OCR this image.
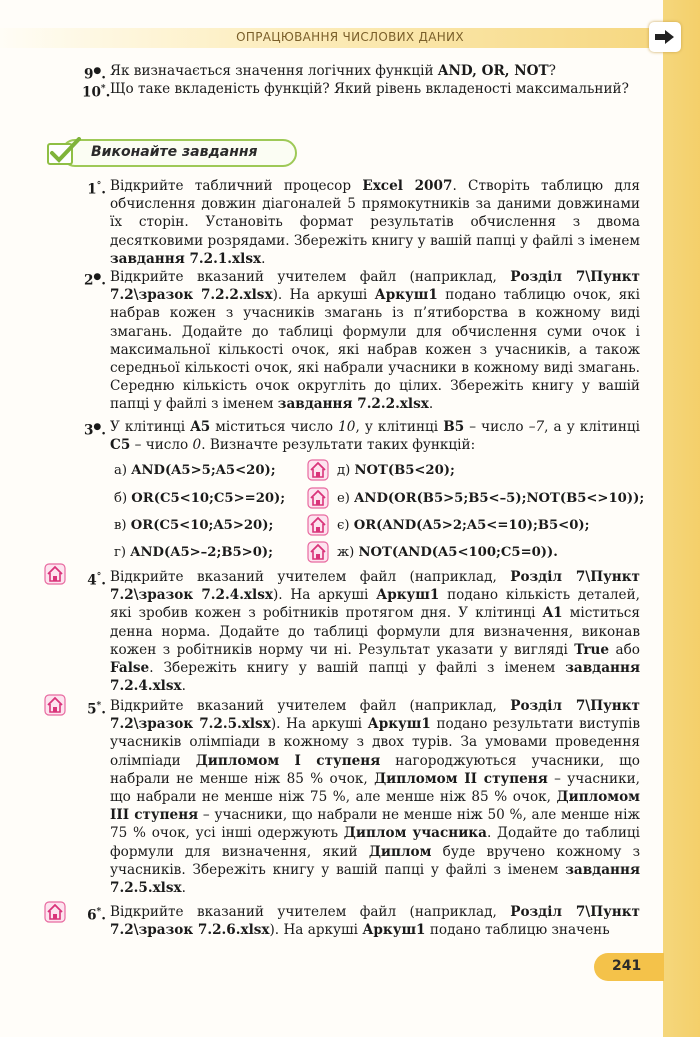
ОПРАЦЮВАННЯ ЧИСЛОВИХ ДАНИХ
9●. Як визначається значення логічних функцій AND, OR, NOT?
10*. Що таке вкладеність функцій? Який рівень вкладеності максимальний?
Виконайте завдання
1°. Відкрийте табличний процесор Excel 2007. Створіть таблицю для обчислення довжин діагоналей 5 прямокутників за даними довжинами їх сторін. Установіть формат результатів обчислення з двома десятковими розрядами. Збережіть книгу у вашій папці у файлі з іменем завдання 7.2.1.xlsx.
2●. Відкрийте вказаний учителем файл (наприклад, Розділ 7\Пункт 7.2\зразок 7.2.2.xlsx). На аркуші Аркуш1 подано таблицю очок, які набрав кожен з учасників змагань із п’ятиборства в кожному виді змагань. Додайте до таблиці формули для обчислення суми очок і максимальної кількості очок, які набрав кожен з учасників, а також середньої кількості очок, які набрали учасники в кожному виді змагань. Середню кількість очок округліть до цілих. Збережіть книгу у вашій папці у файлі з іменем завдання 7.2.2.xlsx.
3●. У клітинці A5 міститься число 10, у клітинці B5 – число –7, а у клітинці C5 – число 0. Визначте результати таких функцій:
а) AND(A5>5;A5<20);
б) OR(C5<10;C5>=20);
в) OR(C5<10;A5>20);
г) AND(A5>–2;B5>0);
д) NOT(B5<20);
е) AND(OR(B5>5;B5<–5);NOT(B5<>10));
є) OR(AND(A5>2;A5<=10);B5<0);
ж) NOT(AND(A5<100;C5=0)).
4°. Відкрийте вказаний учителем файл (наприклад, Розділ 7\Пункт 7.2\зразок 7.2.4.xlsx). На аркуші Аркуш1 подано кількість деталей, які зробив кожен з робітників протягом дня. У клітинці A1 міститься денна норма. Додайте до таблиці формули для визначення, виконав кожен з робітників норму чи ні. Результат указати у вигляді True або False. Збережіть книгу у вашій папці у файлі з іменем завдання 7.2.4.xlsx.
5*. Відкрийте вказаний учителем файл (наприклад, Розділ 7\Пункт 7.2\зразок 7.2.5.xlsx). На аркуші Аркуш1 подано результати виступів учасників олімпіади в кожному з двох турів. За умовами проведення олімпіади Дипломом І ступеня нагороджуються учасники, що набрали не менше ніж 85 % очок, Дипломом ІІ ступеня – учасники, що набрали не менше ніж 75 %, але менше ніж 85 % очок, Дипломом ІІІ ступеня – учасники, що набрали не менше ніж 50 %, але менше ніж 75 % очок, усі інші одержують Диплом учасника. Додайте до таблиці формули для визначення, який Диплом буде вручено кожному з учасників. Збережіть книгу у вашій папці у файлі з іменем завдання 7.2.5.xlsx.
6*. Відкрийте вказаний учителем файл (наприклад, Розділ 7\Пункт 7.2\зразок 7.2.6.xlsx). На аркуші Аркуш1 подано таблицю значень
241
